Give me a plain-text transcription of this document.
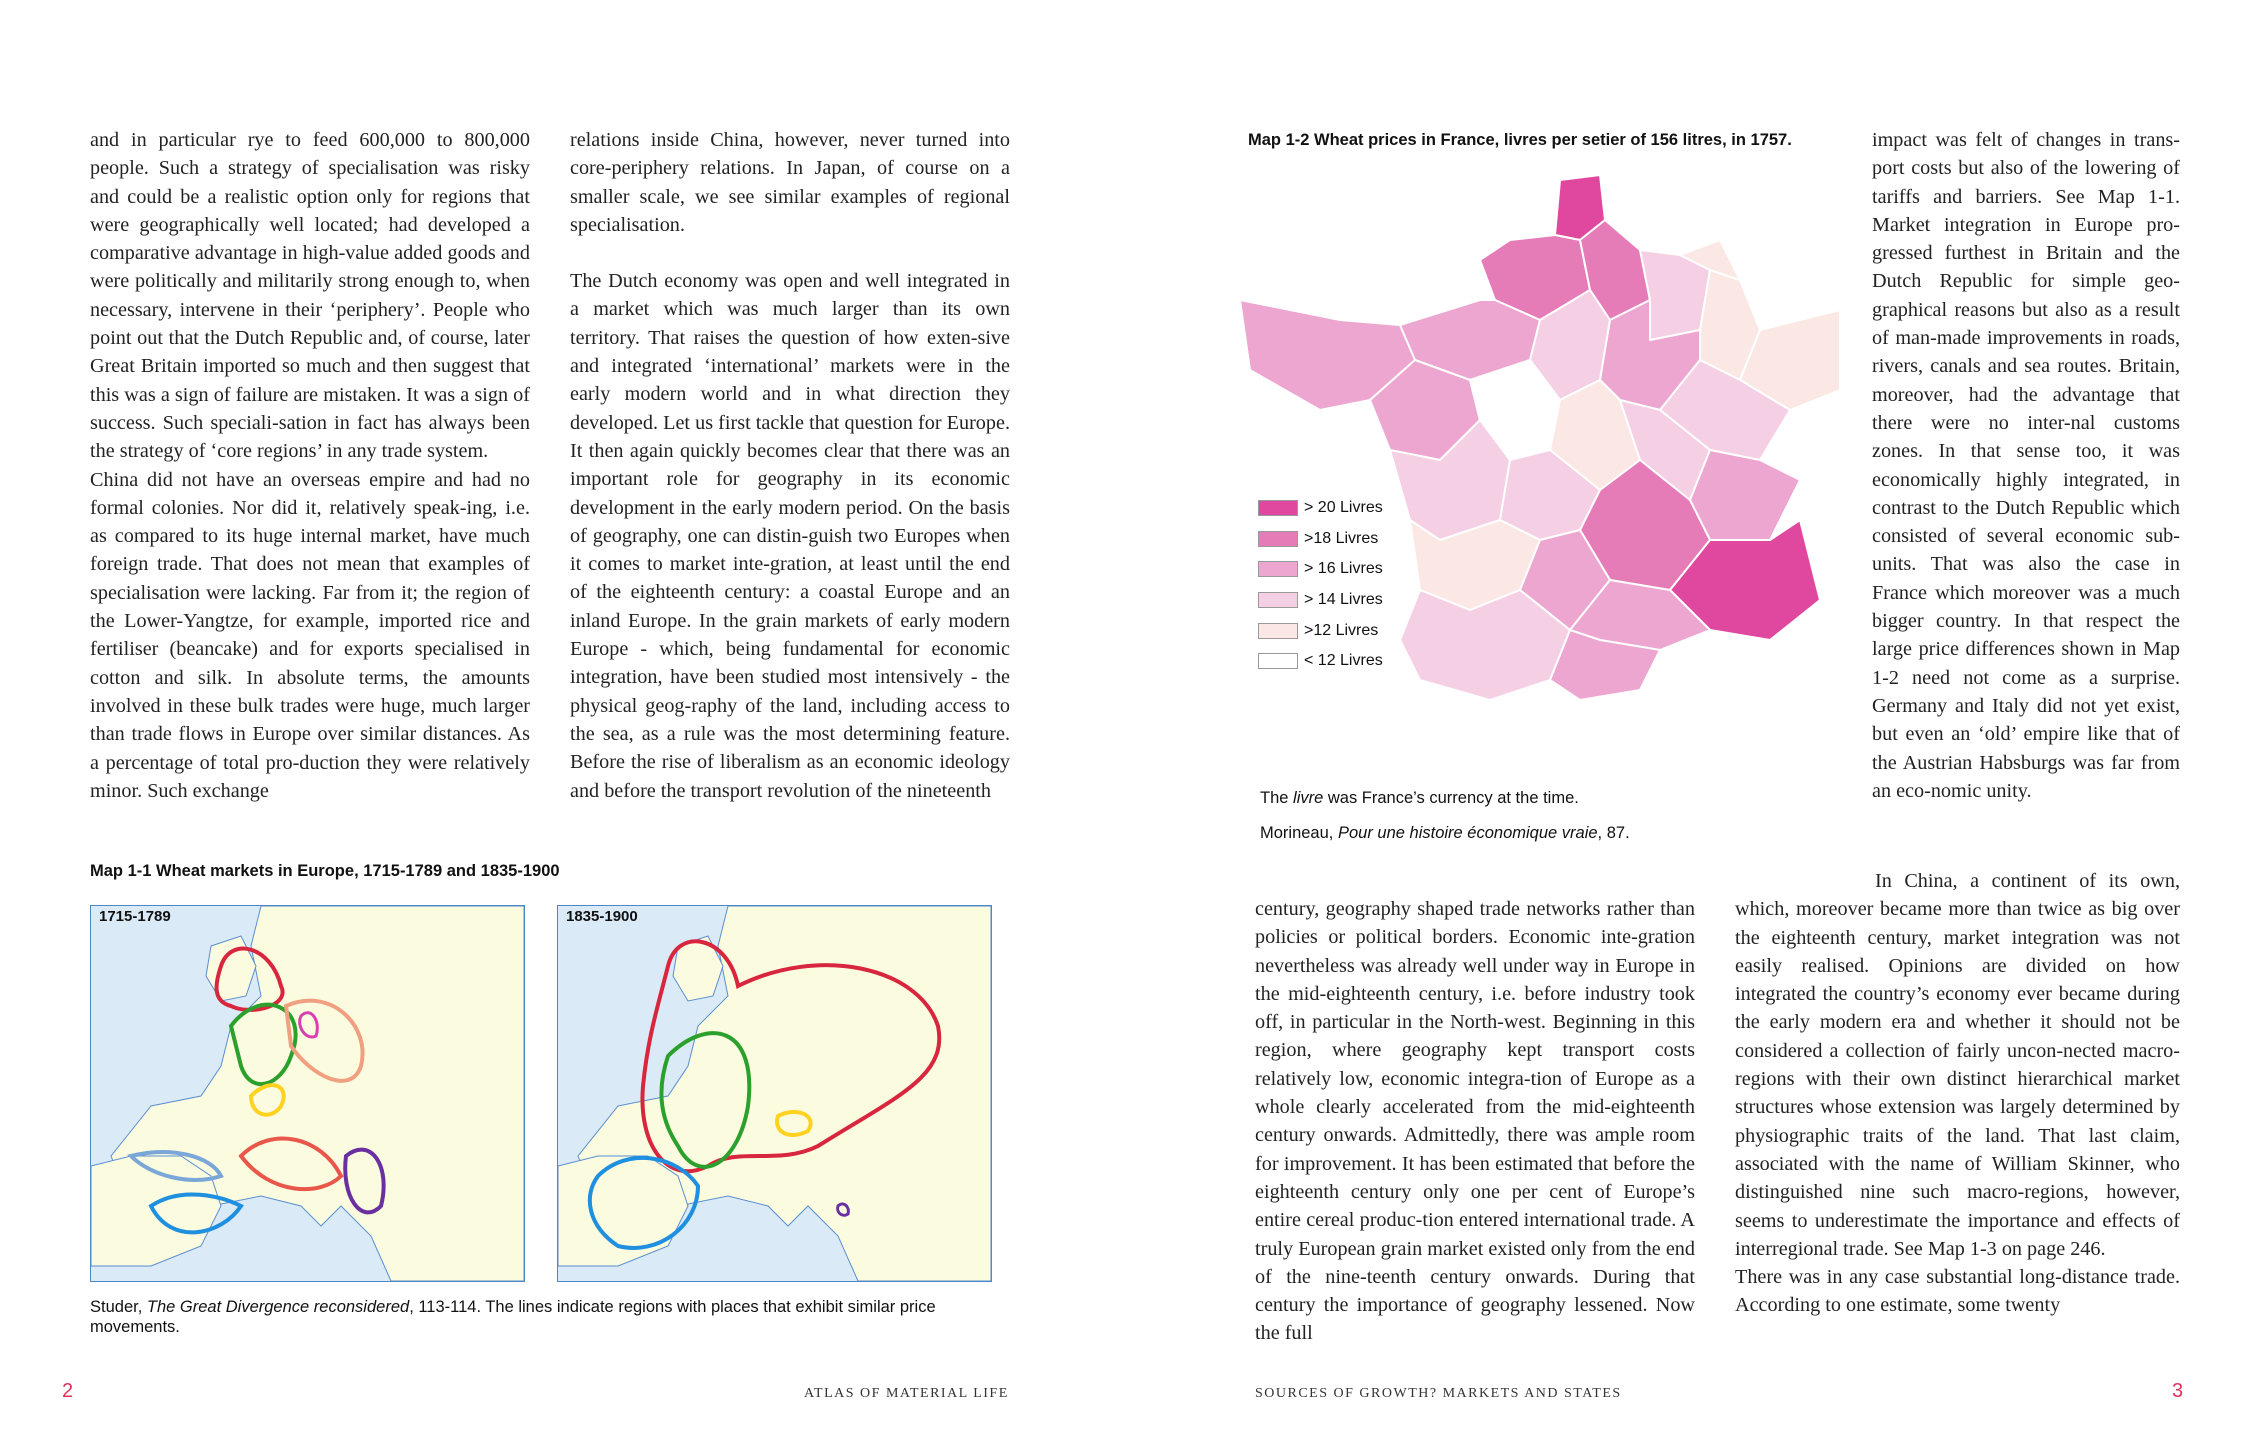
and in particular rye to feed 600,000 to 800,000 people. Such a strategy of specialisation was risky and could be a realistic option only for regions that were geographically well located; had developed a comparative advantage in high-value added goods and were politically and militarily strong enough to, when necessary, intervene in their ‘periphery’. People who point out that the Dutch Republic and, of course, later Great Britain imported so much and then suggest that this was a sign of failure are mistaken. It was a sign of success. Such speciali-sation in fact has always been the strategy of ‘core regions’ in any trade system.

China did not have an overseas empire and had no formal colonies. Nor did it, relatively speak-ing, i.e. as compared to its huge internal market, have much foreign trade. That does not mean that examples of specialisation were lacking. Far from it; the region of the Lower-Yangtze, for example, imported rice and fertiliser (beancake) and for exports specialised in cotton and silk. In absolute terms, the amounts involved in these bulk trades were huge, much larger than trade flows in Europe over similar distances. As a percentage of total pro-duction they were relatively minor. Such exchange

relations inside China, however, never turned into core-periphery relations. In Japan, of course on a smaller scale, we see similar examples of regional specialisation.

The Dutch economy was open and well integrated in a market which was much larger than its own territory. That raises the question of how exten-sive and integrated ‘international’ markets were in the early modern world and in what direction they developed. Let us first tackle that question for Europe. It then again quickly becomes clear that there was an important role for geography in its economic development in the early modern period. On the basis of geography, one can distin-guish two Europes when it comes to market inte-gration, at least until the end of the eighteenth century: a coastal Europe and an inland Europe. In the grain markets of early modern Europe - which, being fundamental for economic integration, have been studied most intensively - the physical geog-raphy of the land, including access to the sea, as a rule was the most determining feature. Before the rise of liberalism as an economic ideology and before the transport revolution of the nineteenth

Map 1-1 Wheat markets in Europe, 1715-1789 and 1835-1900
1715-1789	1835-1900
Studer, The Great Divergence reconsidered, 113-114. The lines indicate regions with places that exhibit similar price movements.
2	ATLAS OF MATERIAL LIFE
Map 1-2 Wheat prices in France, livres per setier of 156 litres, in 1757.
> 20 Livres
>18 Livres
> 16 Livres
> 14 Livres
>12 Livres
< 12 Livres
The livre was France’s currency at the time.
Morineau, Pour une histoire économique vraie, 87.

impact was felt of changes in trans-port costs but also of the lowering of tariffs and barriers. See Map 1-1. Market integration in Europe pro-gressed furthest in Britain and the Dutch Republic for simple geo-graphical reasons but also as a result of man-made improvements in roads, rivers, canals and sea routes. Britain, moreover, had the advantage that there were no inter-nal customs zones. In that sense too, it was economically highly integrated, in contrast to the Dutch Republic which consisted of several economic sub-units. That was also the case in France which moreover was a much bigger country. In that respect the large price differences shown in Map 1-2 need not come as a surprise. Germany and Italy did not yet exist, but even an ‘old’ empire like that of the Austrian Habsburgs was far from an eco-nomic unity.

century, geography shaped trade networks rather than policies or political borders. Economic inte-gration nevertheless was already well under way in Europe in the mid-eighteenth century, i.e. before industry took off, in particular in the North-west. Beginning in this region, where geography kept transport costs relatively low, economic integra-tion of Europe as a whole clearly accelerated from the mid-eighteenth century onwards. Admittedly, there was ample room for improvement. It has been estimated that before the eighteenth century only one per cent of Europe’s entire cereal produc-tion entered international trade. A truly European grain market existed only from the end of the nine-teenth century onwards. During that century the importance of geography lessened. Now the full

In China, a continent of its own, which, moreover became more than twice as big over the eighteenth century, market integration was not easily realised. Opinions are divided on how integrated the country’s economy ever became during the early modern era and whether it should not be considered a collection of fairly uncon-nected macro-regions with their own distinct hierarchical market structures whose extension was largely determined by physiographic traits of the land. That last claim, associated with the name of William Skinner, who distinguished nine such macro-regions, however, seems to underestimate the importance and effects of interregional trade. See Map 1-3 on page 246.

There was in any case substantial long-distance trade. According to one estimate, some twenty

SOURCES OF GROWTH? MARKETS AND STATES	3
